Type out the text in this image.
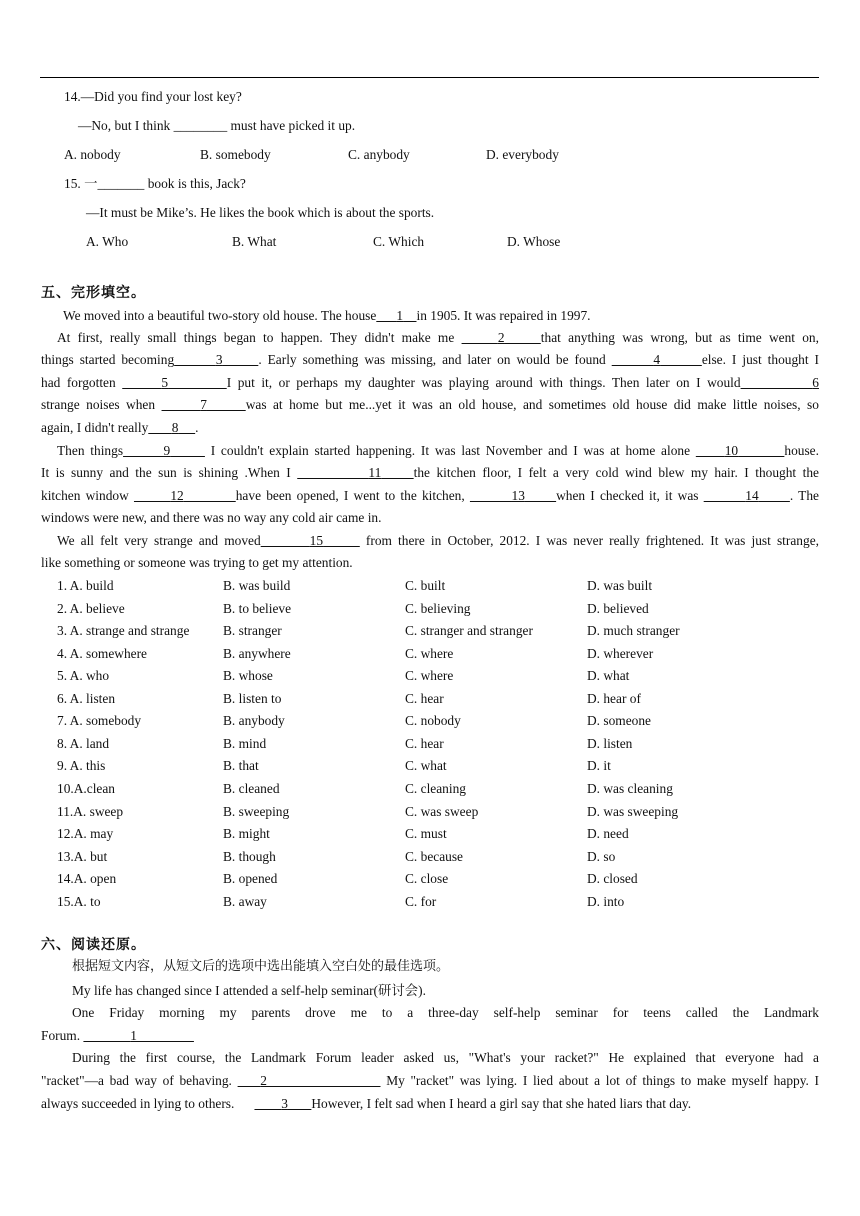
14.—Did you find your lost key?
—No, but I think ________ must have picked it up.
A. nobody	B. somebody	C. anybody	D. everybody
15. 一_______ book is this, Jack?
—It must be Mike’s. He likes the book which is about the sports.
A. Who	B. What	C. Which	D. Whose
五、完形填空。
We moved into a beautiful two-story old house. The house 1 in 1905. It was repaired in 1997.
At first, really small things began to happen. They didn't make me	2	that anything was wrong, but as time went on,
things started becoming	3	. Early something was missing, and later on would be found	4	else. I just thought I
had forgotten	5	I put it, or perhaps my daughter was playing around with things. Then later on I would	6
strange noises when	7	was at home but me...yet it was an old house, and sometimes old house did make little noises, so
again, I didn't really 8 .
Then things	9	I couldn't explain started happening. It was last November and I was at home alone	10	house.
It is sunny and the sun is shining .When I	11 the kitchen floor, I felt a very cold wind blew my hair. I thought the
kitchen window	12	have been opened, I went to the kitchen,	13 when I checked it, it was	14 . The
windows were new, and there was no way any cold air came in.
We all felt very strange and moved	15	from there in October, 2012. I was never really frightened. It was just strange,
like something or someone was trying to get my attention.
1. A. build	B. was build	C. built	D. was built
2. A. believe	B. to believe	C. believing	D. believed
3. A. strange and strange	B. stranger	C. stranger and stranger	D. much stranger
4. A. somewhere	B. anywhere	C. where	D. wherever
5. A. who	B. whose	C. where	D. what
6. A. listen	B. listen to	C. hear	D. hear of
7. A. somebody	B. anybody	C. nobody	D. someone
8. A. land	B. mind	C. hear	D. listen
9. A. this	B. that	C. what	D. it
10.A.clean	B. cleaned	C. cleaning	D. was cleaning
11.A. sweep	B. sweeping	C. was sweep	D. was sweeping
12.A. may	B. might	C. must	D. need
13.A. but	B. though	C. because	D. so
14.A. open	B. opened	C. close	D. closed
15.A. to	B. away	C. for	D. into
六、阅读还原。
根据短文内容，从短文后的选项中选出能填入空白处的最佳选项。
My life has changed since I attended a self-help seminar(研讨会).
One Friday morning my parents drove me to a three-day self-help seminar for teens called the Landmark
Forum.	1
During the first course, the Landmark Forum leader asked us, "What's your racket?" He explained that everyone had a
"racket"—a bad way of behaving. 2	My "racket" was lying. I lied about a lot of things to make myself happy. I
always succeeded in lying to others.	3 However, I felt sad when I heard a girl say that she hated liars that day.
